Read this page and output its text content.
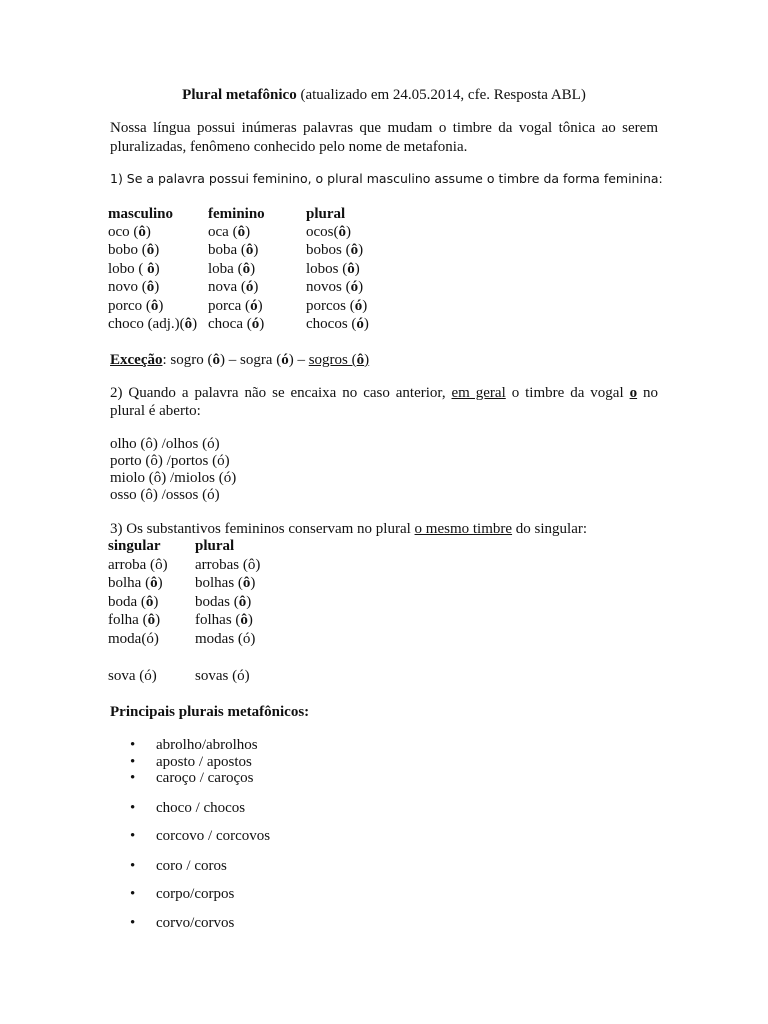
Plural metafônico (atualizado em 24.05.2014, cfe. Resposta ABL)
Nossa língua possui inúmeras palavras que mudam o timbre da vogal tônica ao serem
pluralizadas, fenômeno conhecido pelo nome de metafonia.
1) Se a palavra possui feminino, o plural masculino assume o timbre da forma feminina:
masculino feminino	plural
oco (ô)	oca (ô)	ocos(ô)
bobo (ô)	boba (ô)	bobos (ô)
lobo ( ô)	loba (ô)	lobos (ô)
novo (ô)	nova (ó)	novos (ó)
porco (ô)	porca (ó)	porcos (ó)
choco (adj.)(ô) choca (ó)	chocos (ó)
Exceção: sogro (ô) – sogra (ó) – sogros (ô)
2) Quando a palavra não se encaixa no caso anterior, em geral o timbre da vogal o no
plural é aberto:
olho (ô) /olhos (ó)
porto (ô) /portos (ó)
miolo (ô) /miolos (ó)
osso (ô) /ossos (ó)
3) Os substantivos femininos conservam no plural o mesmo timbre do singular:
singular plural
arroba (ô) arrobas (ô)
bolha (ô) bolhas (ô)
boda (ô) bodas (ô)
folha (ô) folhas (ô)
moda(ó) modas (ó)
sova (ó)	sovas (ó)
Principais plurais metafônicos:
•	abrolho/abrolhos
•	aposto / apostos
•	caroço / caroços
•	choco / chocos
•	corcovo / corcovos
•	coro / coros
•	corpo/corpos
•	corvo/corvos
